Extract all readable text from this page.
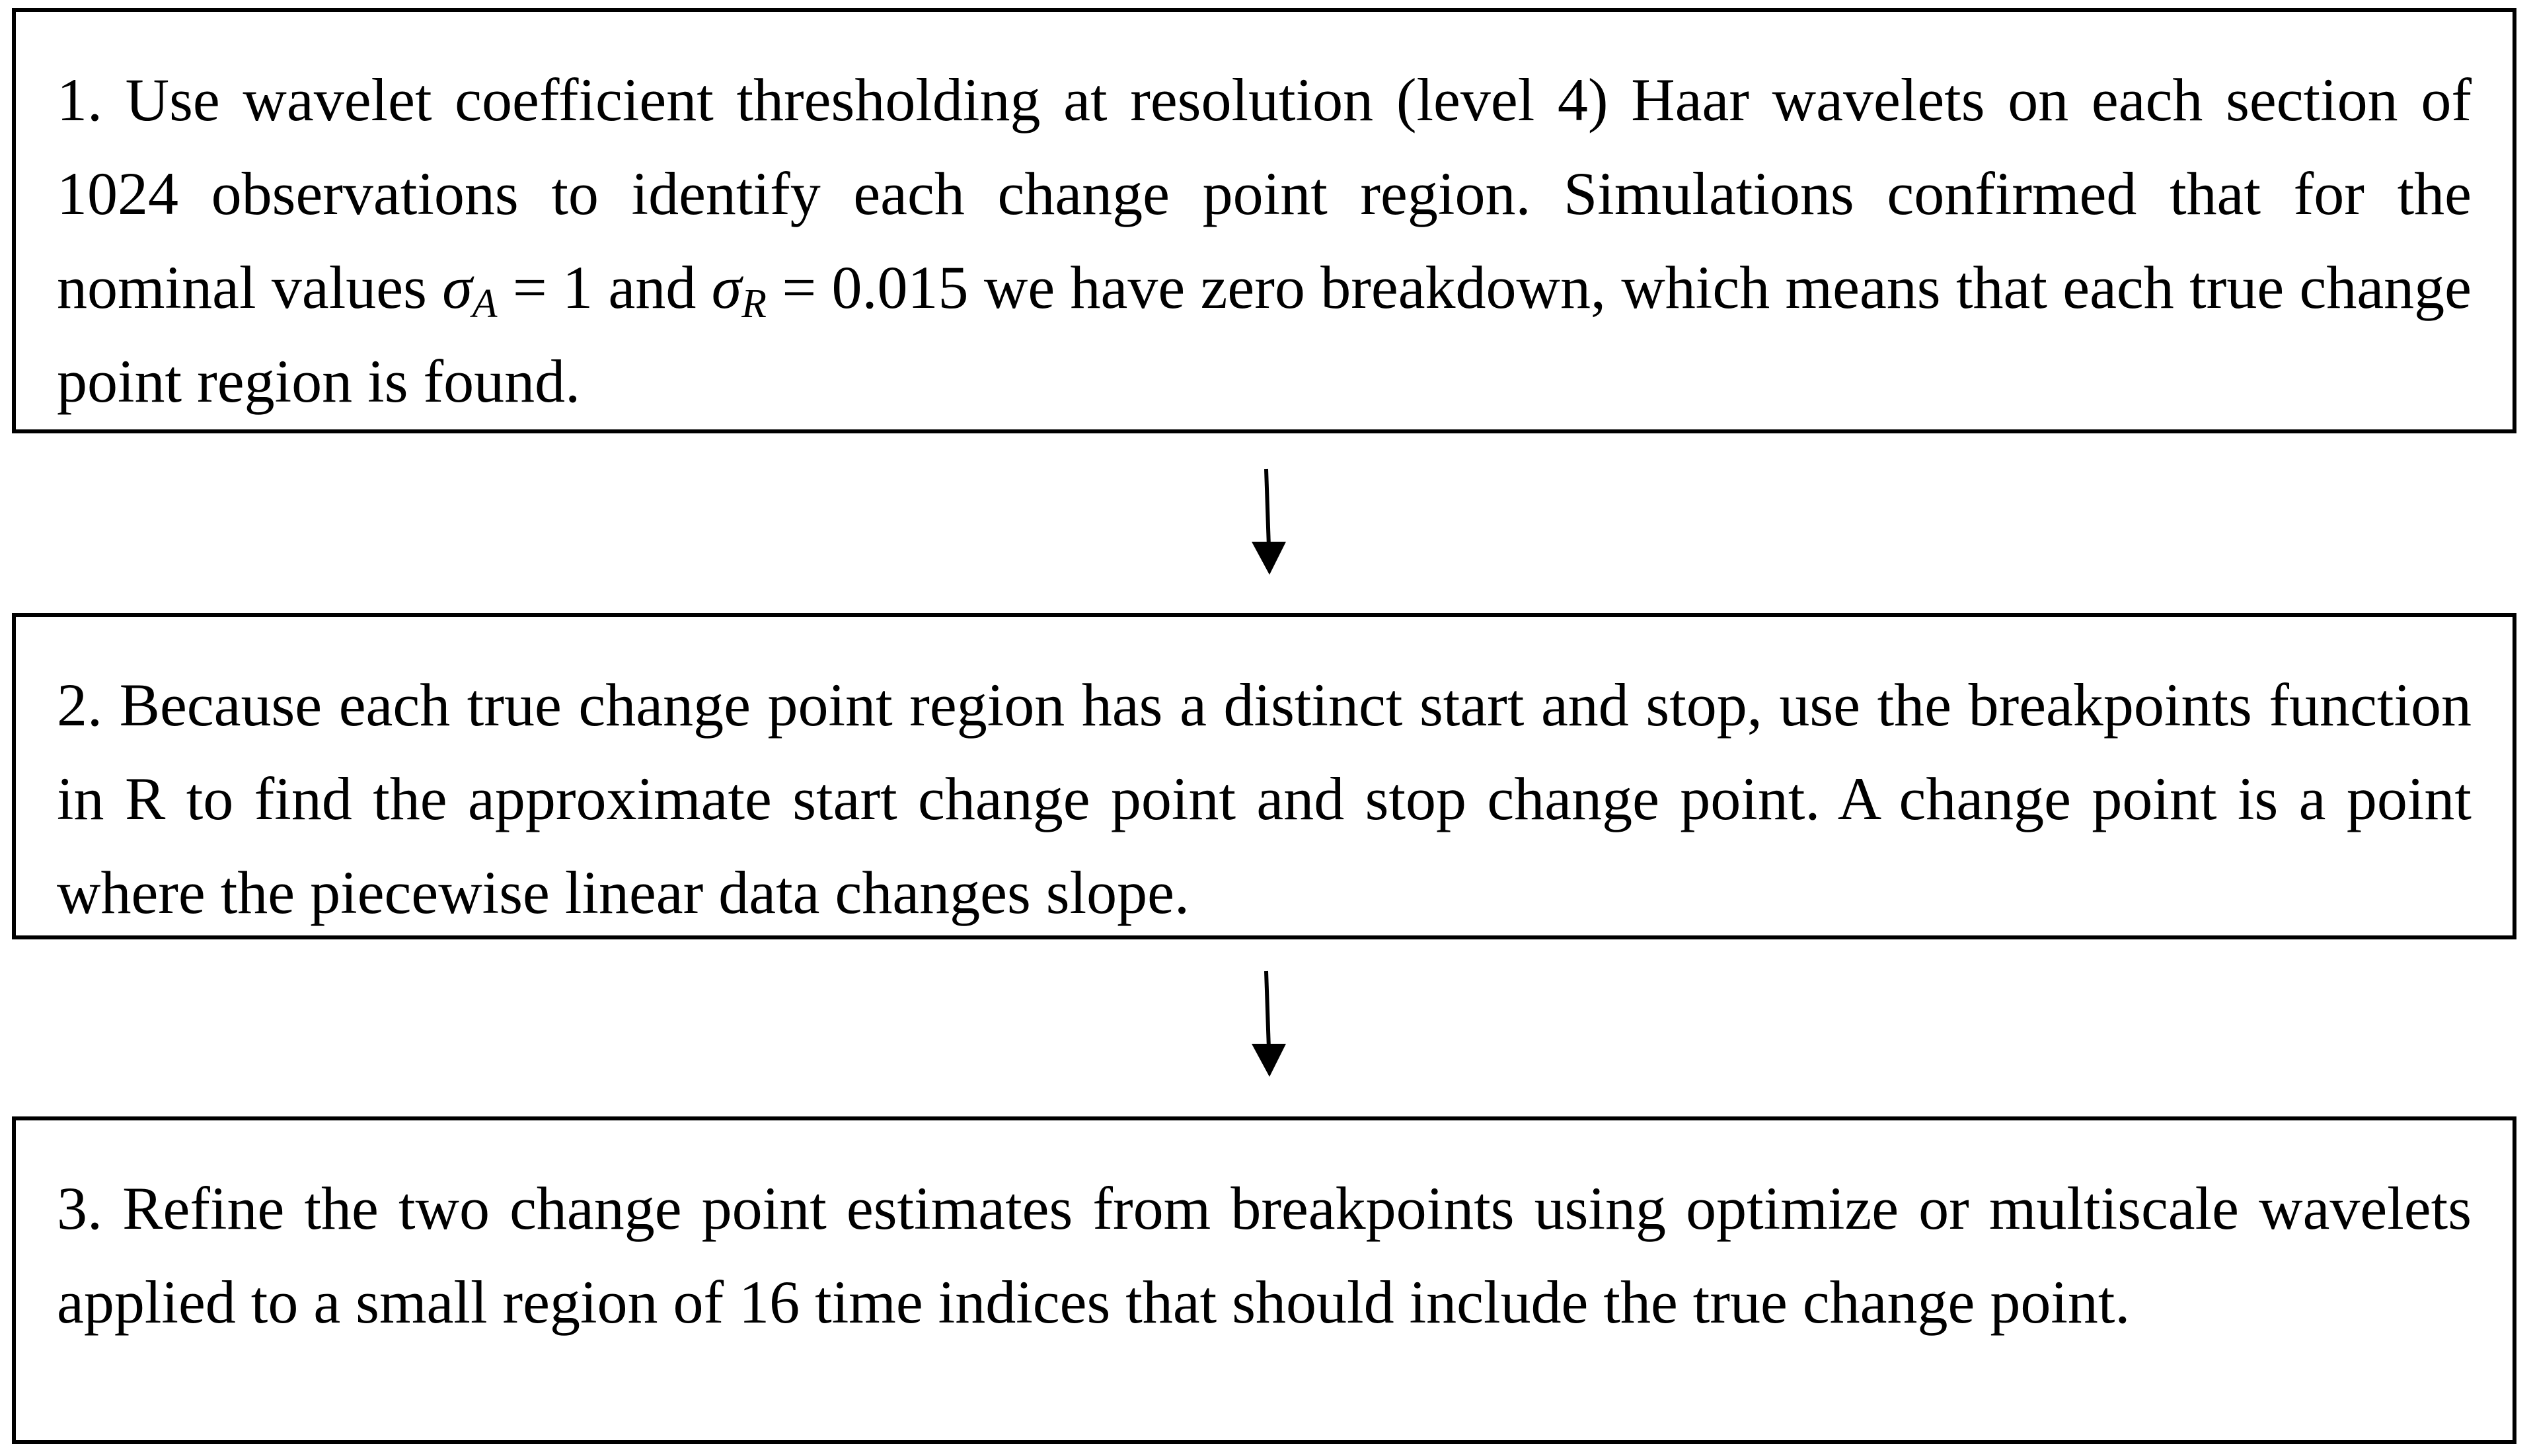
1. Use wavelet coefficient thresholding at resolution (level 4) Haar wavelets on each section of 1024 observations to identify each change point region. Simulations confirmed that for the nominal values $\sigma_A = 1$ and $\sigma_R = 0.015$ we have zero breakdown, which means that each true change point region is found.

2. Because each true change point region has a distinct start and stop, use the breakpoints function in R to find the approximate start change point and stop change point. A change point is a point where the piecewise linear data changes slope.

3. Refine the two change point estimates from breakpoints using optimize or multiscale wavelets applied to a small region of 16 time indices that should include the true change point.
